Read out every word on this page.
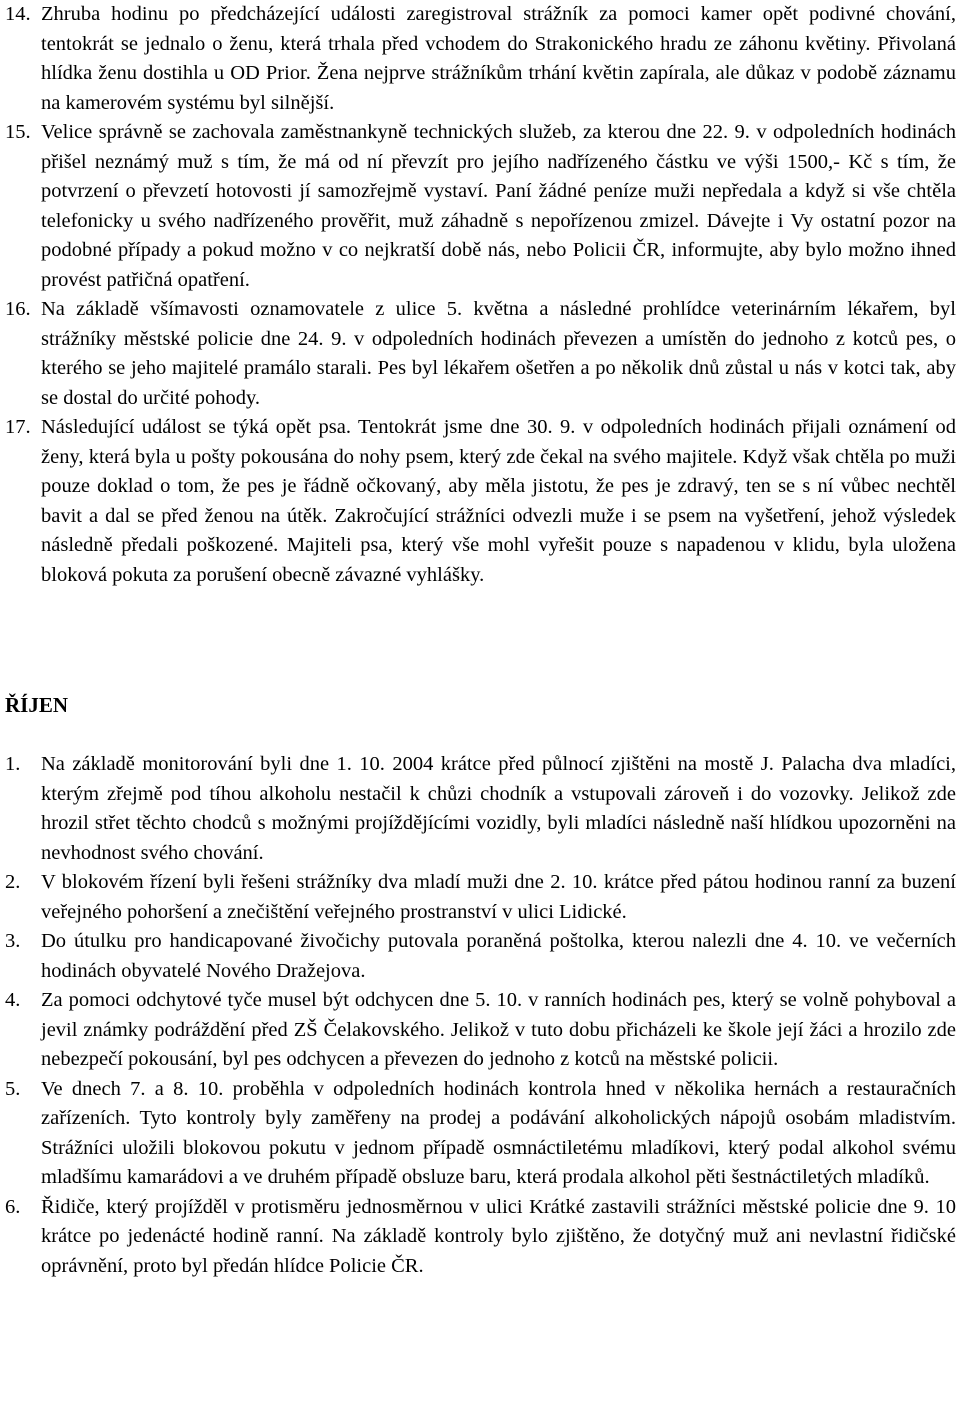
14. Zhruba hodinu po předcházející události zaregistroval strážník za pomoci kamer opět podivné chování, tentokrát se jednalo o ženu, která trhala před vchodem do Strakonického hradu ze záhonu květiny. Přivolaná hlídka ženu dostihla u OD Prior. Žena nejprve strážníkům trhání květin zapírala, ale důkaz v podobě záznamu na kamerovém systému byl silnější.
15. Velice správně se zachovala zaměstnankyně technických služeb, za kterou dne 22. 9. v odpoledních hodinách přišel neznámý muž s tím, že má od ní převzít pro jejího nadřízeného částku ve výši 1500,- Kč s tím, že potvrzení o převzetí hotovosti jí samozřejmě vystaví. Paní žádné peníze muži nepředala a když si vše chtěla telefonicky u svého nadřízeného prověřit, muž záhadně s nepořízenou zmizel. Dávejte i Vy ostatní pozor na podobné případy a pokud možno v co nejkratší době nás, nebo Policii ČR, informujte, aby bylo možno ihned provést patřičná opatření.
16. Na základě všímavosti oznamovatele z ulice 5. května a následné prohlídce veterinárním lékařem, byl strážníky městské policie dne 24. 9. v odpoledních hodinách převezen a umístěn do jednoho z kotců pes, o kterého se jeho majitelé pramálo starali. Pes byl lékařem ošetřen a po několik dnů zůstal u nás v kotci tak, aby se dostal do určité pohody.
17. Následující událost se týká opět psa. Tentokrát jsme dne 30. 9. v odpoledních hodinách přijali oznámení od ženy, která byla u pošty pokousána do nohy psem, který zde čekal na svého majitele. Když však chtěla po muži pouze doklad o tom, že pes je řádně očkovaný, aby měla jistotu, že pes je zdravý, ten se s ní vůbec nechtěl bavit a dal se před ženou na útěk. Zakročující strážníci odvezli muže i se psem na vyšetření, jehož výsledek následně předali poškozené. Majiteli psa, který vše mohl vyřešit pouze s napadenou v klidu, byla uložena bloková pokuta za porušení obecně závazné vyhlášky.
ŘÍJEN
1. Na základě monitorování byli dne 1. 10. 2004 krátce před půlnocí zjištěni na mostě J. Palacha dva mladíci, kterým zřejmě pod tíhou alkoholu nestačil k chůzi chodník a vstupovali zároveň i do vozovky. Jelikož zde hrozil střet těchto chodců s možnými projíždějícími vozidly, byli mladíci následně naší hlídkou upozorněni na nevhodnost svého chování.
2. V blokovém řízení byli řešeni strážníky dva mladí muži dne 2. 10. krátce před pátou hodinou ranní za buzení veřejného pohoršení a znečištění veřejného prostranství v ulici Lidické.
3. Do útulku pro handicapované živočichy putovala poraněná poštolka, kterou nalezli dne 4. 10. ve večerních hodinách obyvatelé Nového Dražejova.
4. Za pomoci odchytové tyče musel být odchycen dne 5. 10. v ranních hodinách pes, který se volně pohyboval a jevil známky podráždění před ZŠ Čelakovského. Jelikož v tuto dobu přicházeli ke škole její žáci a hrozilo zde nebezpečí pokousání, byl pes odchycen a převezen do jednoho z kotců na městské policii.
5. Ve dnech 7. a 8. 10. proběhla v odpoledních hodinách kontrola hned v několika hernách a restauračních zařízeních. Tyto kontroly byly zaměřeny na prodej a podávání alkoholických nápojů osobám mladistvím. Strážníci uložili blokovou pokutu v jednom případě osmnáctiletému mladíkovi, který podal alkohol svému mladšímu kamarádovi a ve druhém případě obsluze baru, která prodala alkohol pěti šestnáctiletých mladíků.
6. Řidiče, který projížděl v protisměru jednosměrnou v ulici Krátké zastavili strážníci městské policie dne 9. 10 krátce po jedenácté hodině ranní. Na základě kontroly bylo zjištěno, že dotyčný muž ani nevlastní řidičské oprávnění, proto byl předán hlídce Policie ČR.
